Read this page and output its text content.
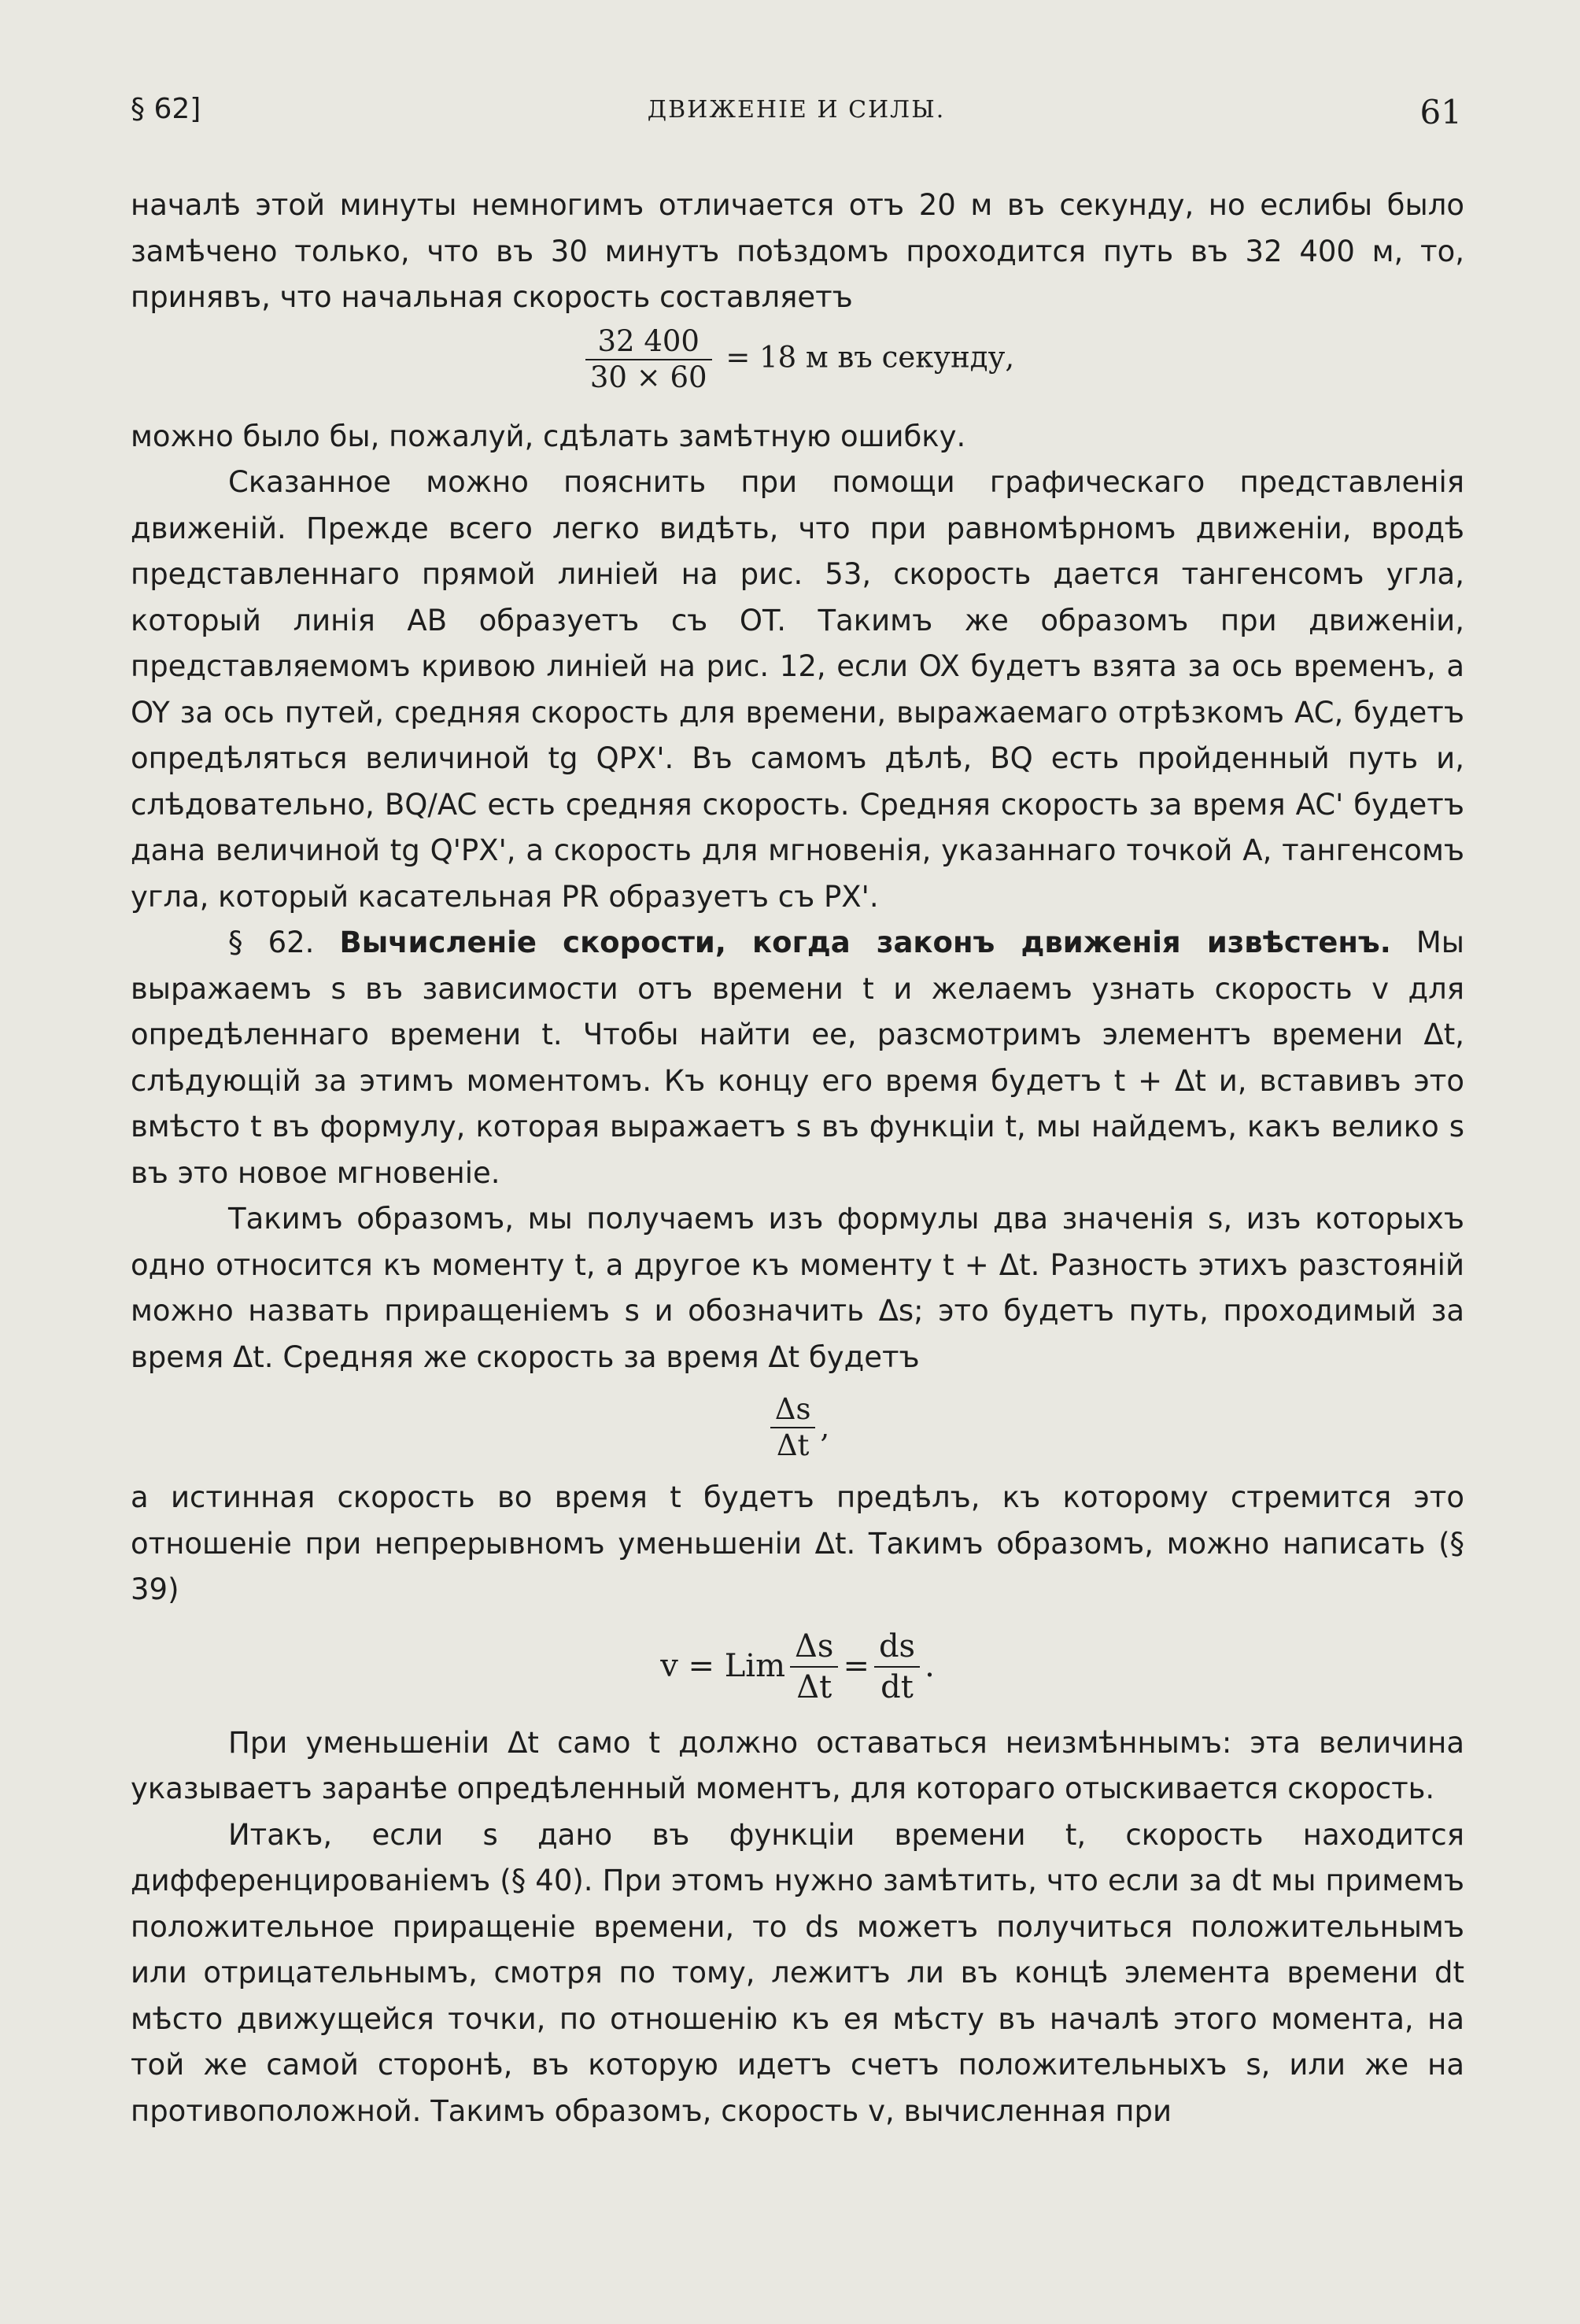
§ 62]	ДВИЖЕНІЕ И СИЛЫ.	61

началѣ этой минуты немногимъ отличается отъ 20 м въ секунду, но еслибы было замѣчено только, что въ 30 минутъ поѣздомъ проходится путь въ 32 400 м, то, принявъ, что начальная скорость составляетъ

$\frac{32 400}{30 \times 60} = 18$ м въ секунду,

можно было бы, пожалуй, сдѣлать замѣтную ошибку.

Сказанное можно пояснить при помощи графическаго представленія движеній. Прежде всего легко видѣть, что при равномѣрномъ движеніи, вродѣ представленнаго прямой линіей на рис. 53, скорость дается тангенсомъ угла, который линія AB образуетъ съ OT. Такимъ же образомъ при движеніи, представляемомъ кривою линіей на рис. 12, если OX будетъ взята за ось временъ, а OY за ось путей, средняя скорость для времени, выражаемаго отрѣзкомъ AC, будетъ опредѣляться величиной tg QPX'. Въ самомъ дѣлѣ, BQ есть пройденный путь и, слѣдовательно, BQ/AC есть средняя скорость. Средняя скорость за время AC' будетъ дана величиной tg Q'PX', а скорость для мгновенія, указаннаго точкой A, тангенсомъ угла, который касательная PR образуетъ съ PX'.

§ 62. Вычисленіе скорости, когда законъ движенія извѣстенъ. Мы выражаемъ s въ зависимости отъ времени t и желаемъ узнать скорость v для опредѣленнаго времени t. Чтобы найти ее, разсмотримъ элементъ времени Δt, слѣдующій за этимъ моментомъ. Къ концу его время будетъ t + Δt и, вставивъ это вмѣсто t въ формулу, которая выражаетъ s въ функціи t, мы найдемъ, какъ велико s въ это новое мгновеніе.

Такимъ образомъ, мы получаемъ изъ формулы два значенія s, изъ которыхъ одно относится къ моменту t, а другое къ моменту t + Δt. Разность этихъ разстояній можно назвать приращеніемъ s и обозначить Δs; это будетъ путь, проходимый за время Δt. Средняя же скорость за время Δt будетъ

$\frac{\Delta s}{\Delta t}$ ,

а истинная скорость во время t будетъ предѣлъ, къ которому стремится это отношеніе при непрерывномъ уменьшеніи Δt. Такимъ образомъ, можно написать (§ 39)

v = Lim $\frac{\Delta s}{\Delta t} = \frac{ds}{dt}$ .

При уменьшеніи Δt само t должно оставаться неизмѣннымъ: эта величина указываетъ заранѣе опредѣленный моментъ, для котораго отыскивается скорость.

Итакъ, если s дано въ функціи времени t, скорость находится дифференцированіемъ (§ 40). При этомъ нужно замѣтить, что если за dt мы примемъ положительное приращеніе времени, то ds можетъ получиться положительнымъ или отрицательнымъ, смотря по тому, лежитъ ли въ концѣ элемента времени dt мѣсто движущейся точки, по отношенію къ ея мѣсту въ началѣ этого момента, на той же самой сторонѣ, въ которую идетъ счетъ положительныхъ s, или же на противоположной. Такимъ образомъ, скорость v, вычисленная при
